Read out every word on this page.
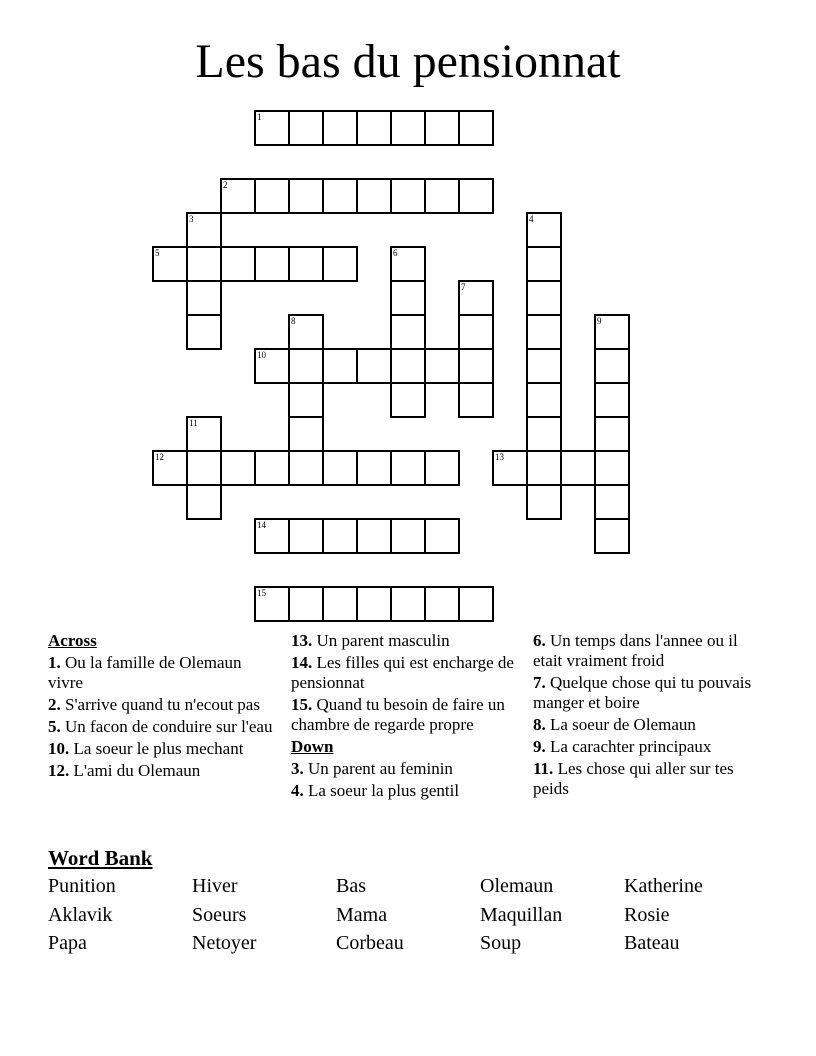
Les bas du pensionnat
1
2
3	4
5	6
7
8	9
10
11
12	13
14
15
Across
1. Ou la famille de Olemaun vivre
2. S'arrive quand tu n'ecout pas
5. Un facon de conduire sur l'eau
10. La soeur le plus mechant
12. L'ami du Olemaun
13. Un parent masculin
14. Les filles qui est encharge de pensionnat
15. Quand tu besoin de faire un chambre de regarde propre
Down
3. Un parent au feminin
4. La soeur la plus gentil
6. Un temps dans l'annee ou il etait vraiment froid
7. Quelque chose qui tu pouvais manger et boire
8. La soeur de Olemaun
9. La carachter principaux
11. Les chose qui aller sur tes peids
Word Bank
Punition	Hiver	Bas	Olemaun	Katherine
Aklavik	Soeurs	Mama	Maquillan	Rosie
Papa	Netoyer	Corbeau	Soup	Bateau
